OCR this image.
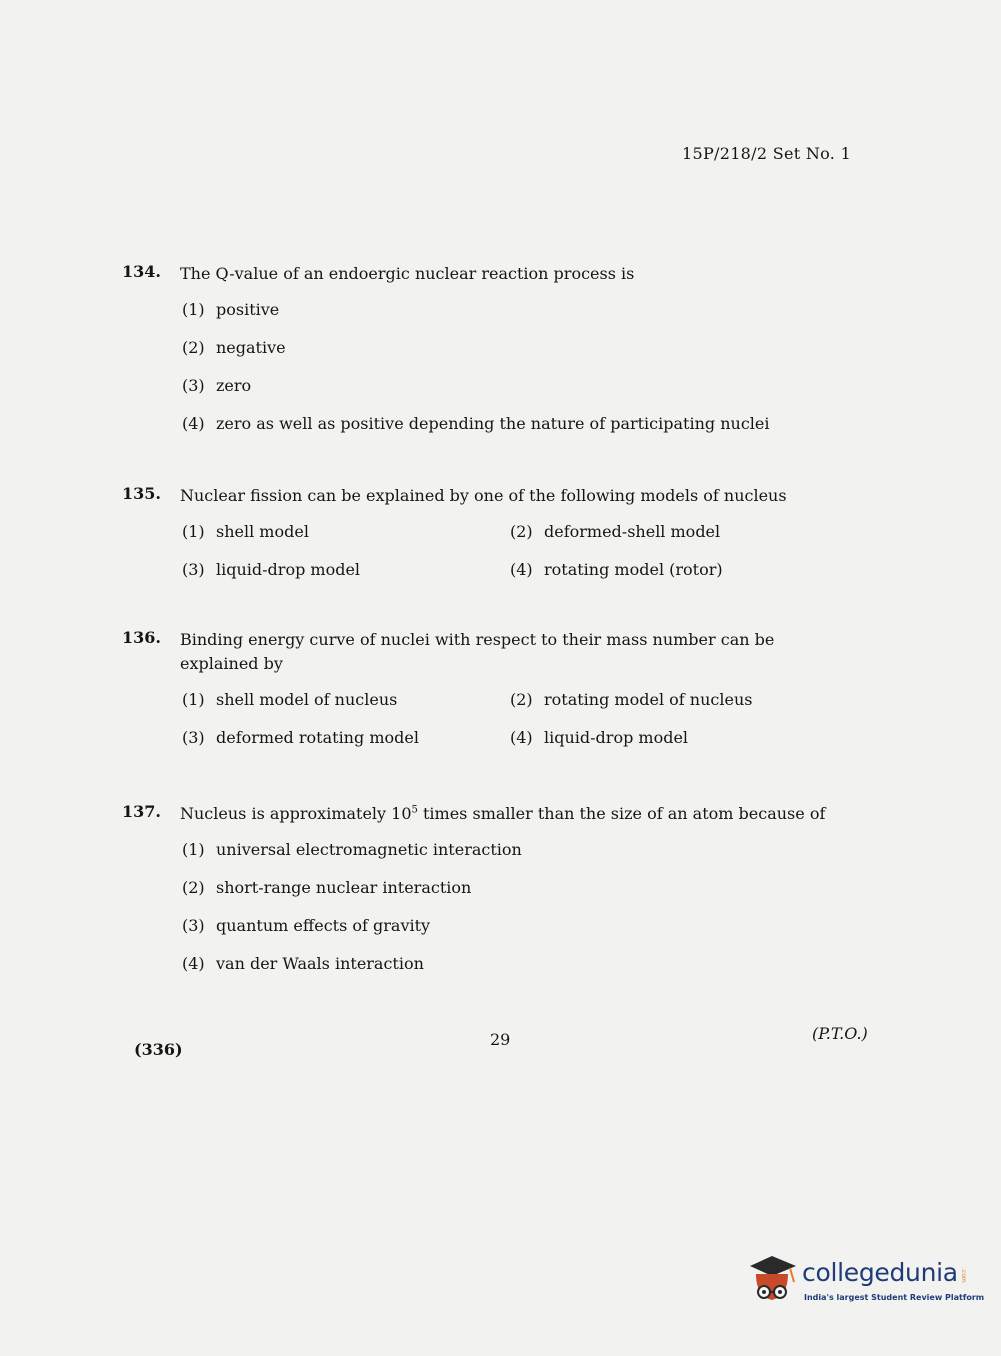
15P/218/2 Set No. 1
134.	The Q-value of an endoergic nuclear reaction process is
(1) positive
(2) negative
(3) zero
(4) zero as well as positive depending the nature of participating nuclei
135.	Nuclear fission can be explained by one of the following models of nucleus
(1) shell model	(2) deformed-shell model
(3) liquid-drop model	(4) rotating model (rotor)
136.	Binding energy curve of nuclei with respect to their mass number can be
explained by
(1) shell model of nucleus	(2) rotating model of nucleus
(3) deformed rotating model	(4) liquid-drop model
137.	Nucleus is approximately $10^5$ times smaller than the size of an atom because of
(1) universal electromagnetic interaction
(2) short-range nuclear interaction
(3) quantum effects of gravity
(4) van der Waals interaction
(336)
29	(P.T.O.)
collegedunia .com
India's largest Student Review Platform
